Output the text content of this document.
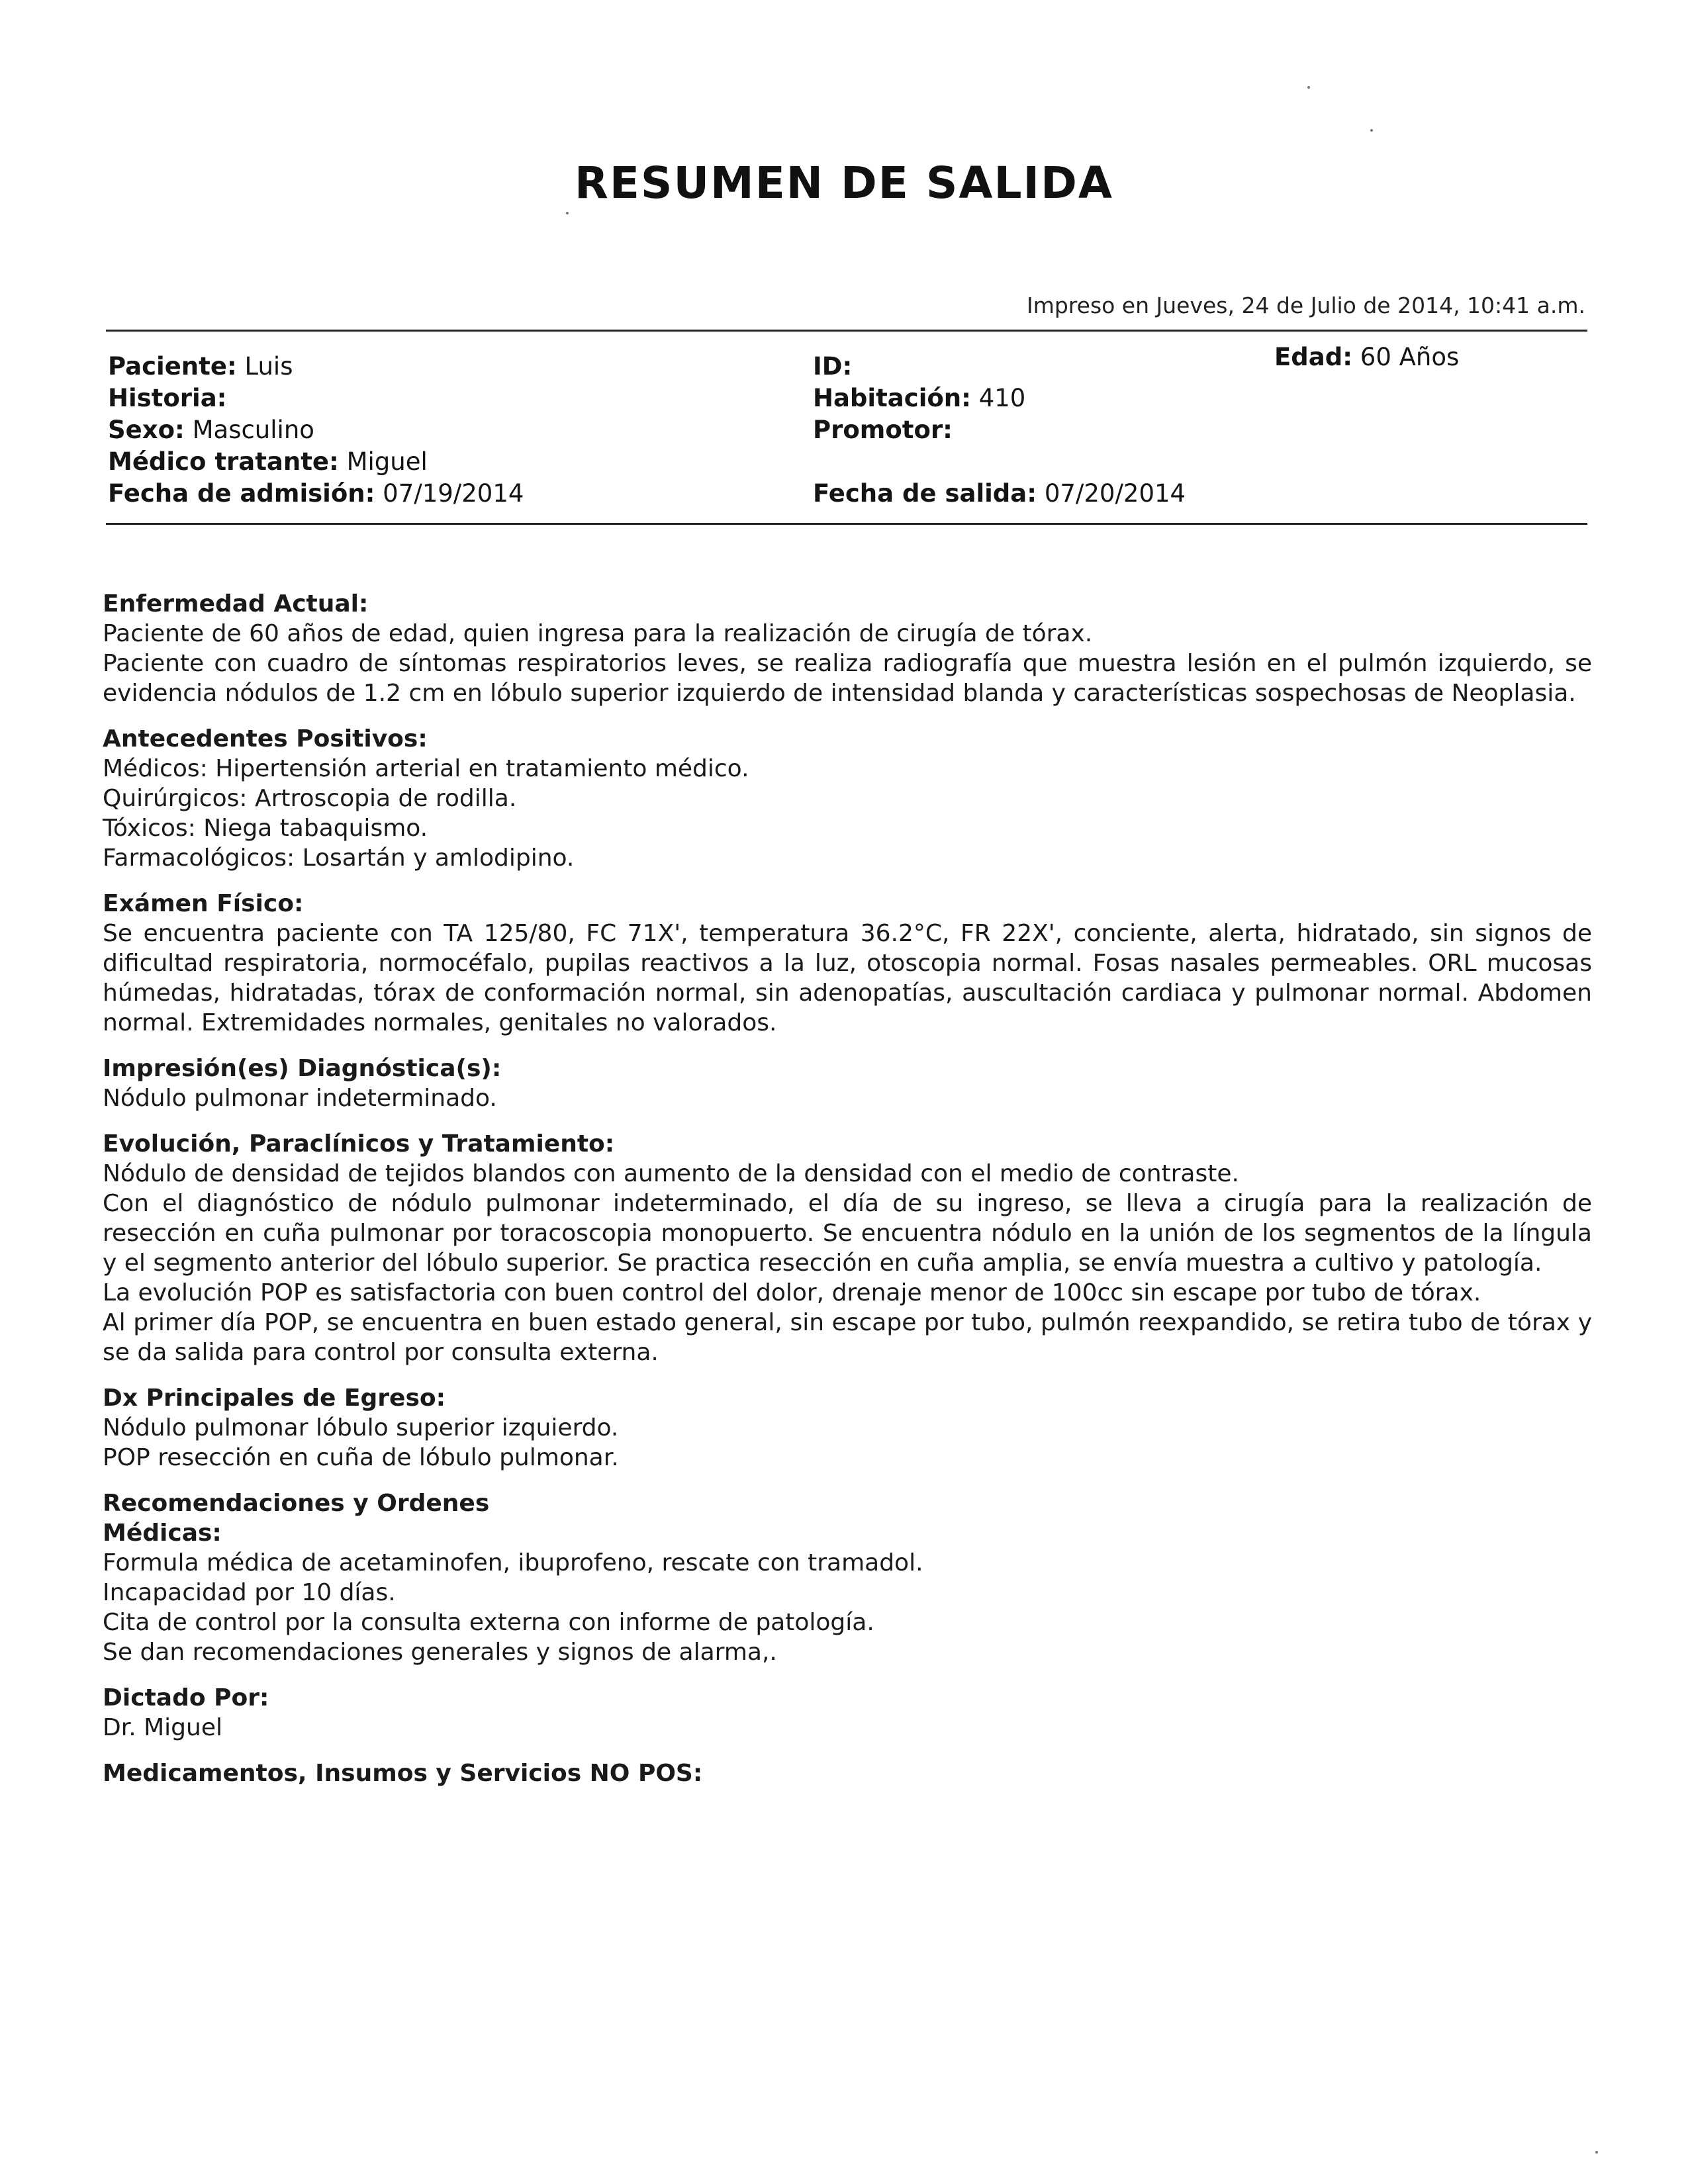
RESUMEN DE SALIDA
Impreso en Jueves, 24 de Julio de 2014, 10:41 a.m.
Paciente: Luis
Historia:
Sexo: Masculino
Médico tratante: Miguel
Fecha de admisión: 07/19/2014
ID:
Habitación: 410
Promotor:
Fecha de salida: 07/20/2014
Edad: 60 Años
Enfermedad Actual:
Paciente de 60 años de edad, quien ingresa para la realización de cirugía de tórax.
Paciente con cuadro de síntomas respiratorios leves, se realiza radiografía que muestra lesión en el pulmón izquierdo, se evidencia nódulos de 1.2 cm en lóbulo superior izquierdo de intensidad blanda y características sospechosas de Neoplasia.
Antecedentes Positivos:
Médicos: Hipertensión arterial en tratamiento médico.
Quirúrgicos: Artroscopia de rodilla.
Tóxicos: Niega tabaquismo.
Farmacológicos: Losartán y amlodipino.
Exámen Físico:
Se encuentra paciente con TA 125/80, FC 71X', temperatura 36.2°C, FR 22X', conciente, alerta, hidratado, sin signos de dificultad respiratoria, normocéfalo, pupilas reactivos a la luz, otoscopia normal. Fosas nasales permeables. ORL mucosas húmedas, hidratadas, tórax de conformación normal, sin adenopatías, auscultación cardiaca y pulmonar normal. Abdomen normal. Extremidades normales, genitales no valorados.
Impresión(es) Diagnóstica(s):
Nódulo pulmonar indeterminado.
Evolución, Paraclínicos y Tratamiento:
Nódulo de densidad de tejidos blandos con aumento de la densidad con el medio de contraste.
Con el diagnóstico de nódulo pulmonar indeterminado, el día de su ingreso, se lleva a cirugía para la realización de resección en cuña pulmonar por toracoscopia monopuerto. Se encuentra nódulo en la unión de los segmentos de la língula y el segmento anterior del lóbulo superior. Se practica resección en cuña amplia, se envía muestra a cultivo y patología.
La evolución POP es satisfactoria con buen control del dolor, drenaje menor de 100cc sin escape por tubo de tórax.
Al primer día POP, se encuentra en buen estado general, sin escape por tubo, pulmón reexpandido, se retira tubo de tórax y se da salida para control por consulta externa.
Dx Principales de Egreso:
Nódulo pulmonar lóbulo superior izquierdo.
POP resección en cuña de lóbulo pulmonar.
Recomendaciones y Ordenes
Médicas:
Formula médica de acetaminofen, ibuprofeno, rescate con tramadol.
Incapacidad por 10 días.
Cita de control por la consulta externa con informe de patología.
Se dan recomendaciones generales y signos de alarma,.
Dictado Por:
Dr. Miguel
Medicamentos, Insumos y Servicios NO POS:
